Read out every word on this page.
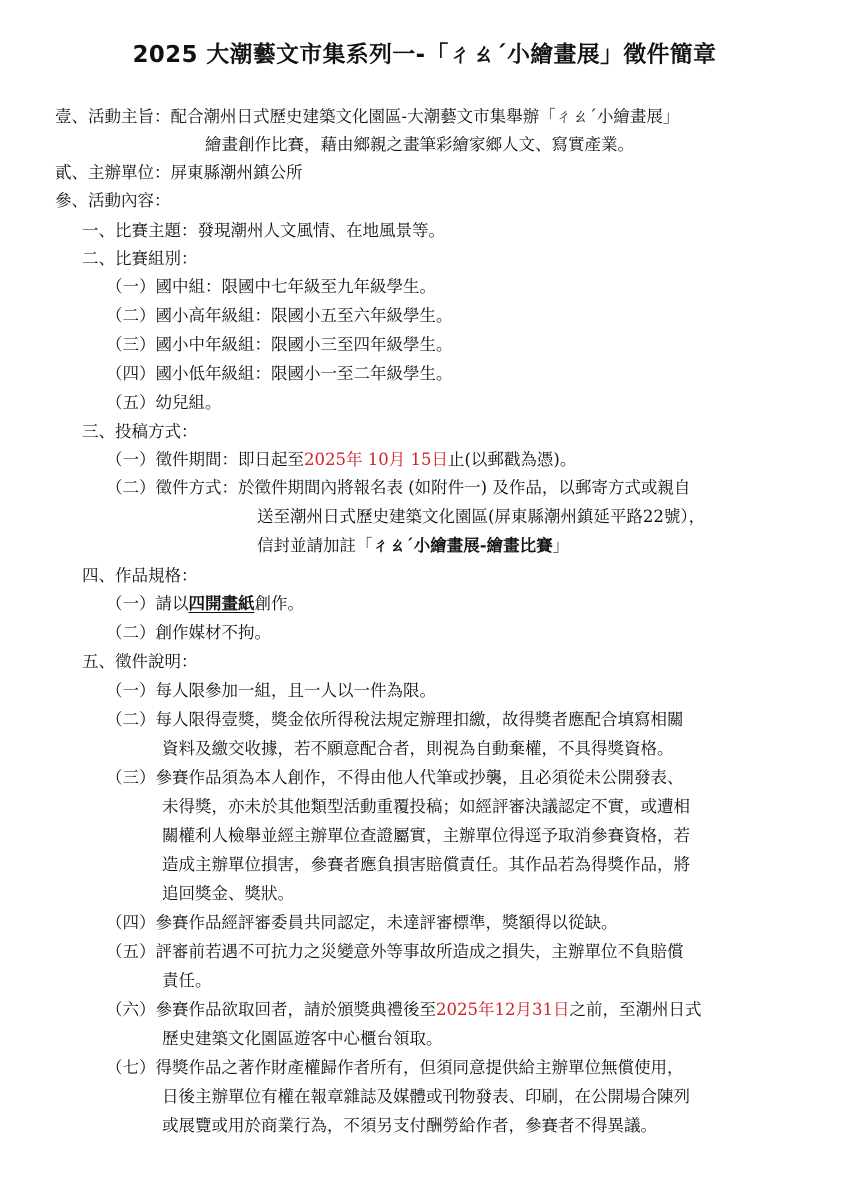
2025 大潮藝文市集系列一-「ㄔㄠˊ小繪畫展」徵件簡章
壹、活動主旨：配合潮州日式歷史建築文化園區-大潮藝文市集舉辦「ㄔㄠˊ小繪畫展」
繪畫創作比賽，藉由鄉親之畫筆彩繪家鄉人文、寫實產業。
貳、主辦單位：屏東縣潮州鎮公所
參、活動內容：
一、比賽主題：發現潮州人文風情、在地風景等。
二、比賽組別：
（一）國中組：限國中七年級至九年級學生。
（二）國小高年級組：限國小五至六年級學生。
（三）國小中年級組：限國小三至四年級學生。
（四）國小低年級組：限國小一至二年級學生。
（五）幼兒組。
三、投稿方式：
（一）徵件期間：即日起至2025年 10月 15日止(以郵戳為憑)。
（二）徵件方式：於徵件期間內將報名表 (如附件一) 及作品，以郵寄方式或親自
送至潮州日式歷史建築文化園區(屏東縣潮州鎮延平路22號），
信封並請加註「ㄔㄠˊ小繪畫展-繪畫比賽」
四、作品規格：
（一）請以四開畫紙創作。
（二）創作媒材不拘。
五、徵件說明：
（一）每人限參加一組，且一人以一件為限。
（二）每人限得壹獎，獎金依所得稅法規定辦理扣繳，故得獎者應配合填寫相關
資料及繳交收據，若不願意配合者，則視為自動棄權，不具得獎資格。
（三）參賽作品須為本人創作，不得由他人代筆或抄襲，且必須從未公開發表、
未得獎，亦未於其他類型活動重覆投稿；如經評審決議認定不實，或遭相
關權利人檢舉並經主辦單位查證屬實，主辦單位得逕予取消參賽資格，若
造成主辦單位損害，參賽者應負損害賠償責任。其作品若為得獎作品，將
追回獎金、獎狀。
（四）參賽作品經評審委員共同認定，未達評審標準，獎額得以從缺。
（五）評審前若遇不可抗力之災變意外等事故所造成之損失，主辦單位不負賠償
責任。
（六）參賽作品欲取回者，請於頒獎典禮後至2025年12月31日之前，至潮州日式
歷史建築文化園區遊客中心櫃台領取。
（七）得獎作品之著作財產權歸作者所有，但須同意提供給主辦單位無償使用，
日後主辦單位有權在報章雜誌及媒體或刊物發表、印刷，在公開場合陳列
或展覽或用於商業行為，不須另支付酬勞給作者，參賽者不得異議。
